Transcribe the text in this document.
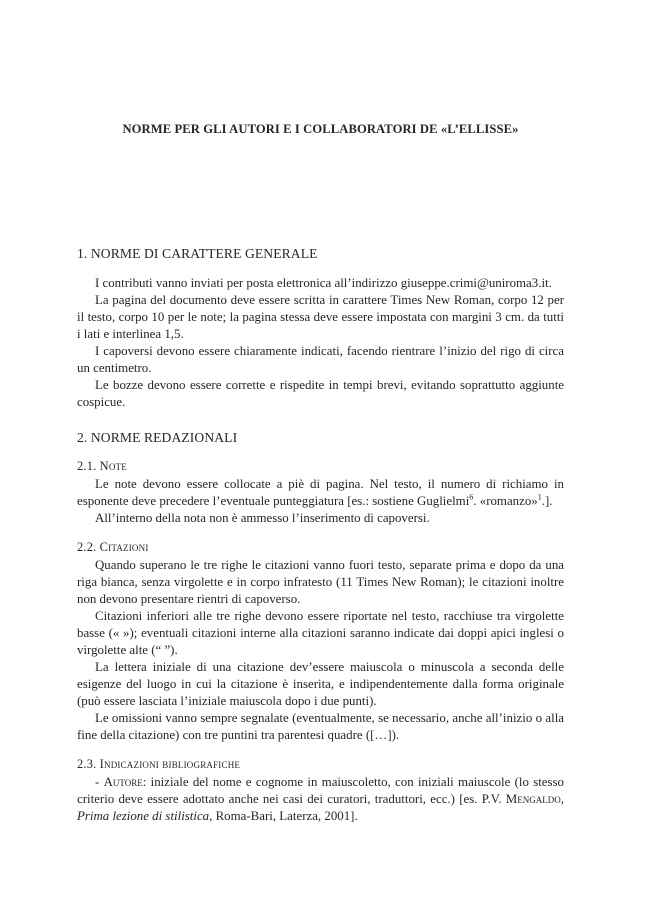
NORME PER GLI AUTORI E I COLLABORATORI DE «L’ELLISSE»
1. NORME DI CARATTERE GENERALE

I contributi vanno inviati per posta elettronica all’indirizzo giuseppe.crimi@uniroma3.it.

La pagina del documento deve essere scritta in carattere Times New Roman, corpo 12 per il testo, corpo 10 per le note; la pagina stessa deve essere impostata con margini 3 cm. da tutti i lati e interlinea 1,5.

I capoversi devono essere chiaramente indicati, facendo rientrare l’inizio del rigo di circa un centimetro.

Le bozze devono essere corrette e rispedite in tempi brevi, evitando soprattutto aggiunte cospicue.

2. NORME REDAZIONALI
2.1. Note

Le note devono essere collocate a piè di pagina. Nel testo, il numero di richiamo in esponente deve precedere l’eventuale punteggiatura [es.: sostiene Guglielmi$^6$. «romanzo»$^1$.].

All’interno della nota non è ammesso l’inserimento di capoversi.

2.2. Citazioni

Quando superano le tre righe le citazioni vanno fuori testo, separate prima e dopo da una riga bianca, senza virgolette e in corpo infratesto (11 Times New Roman); le citazioni inoltre non devono presentare rientri di capoverso.

Citazioni inferiori alle tre righe devono essere riportate nel testo, racchiuse tra virgolette basse (« »); eventuali citazioni interne alla citazioni saranno indicate dai doppi apici inglesi o virgolette alte (“ ”).

La lettera iniziale di una citazione dev’essere maiuscola o minuscola a seconda delle esigenze del luogo in cui la citazione è inserita, e indipendentemente dalla forma originale (può essere lasciata l’iniziale maiuscola dopo i due punti).

Le omissioni vanno sempre segnalate (eventualmente, se necessario, anche all’inizio o alla fine della citazione) con tre puntini tra parentesi quadre ([…]).

2.3. Indicazioni bibliografiche

- Autore: iniziale del nome e cognome in maiuscoletto, con iniziali maiuscole (lo stesso criterio deve essere adottato anche nei casi dei curatori, traduttori, ecc.) [es. P.V. Mengaldo, Prima lezione di stilistica, Roma-Bari, Laterza, 2001].
